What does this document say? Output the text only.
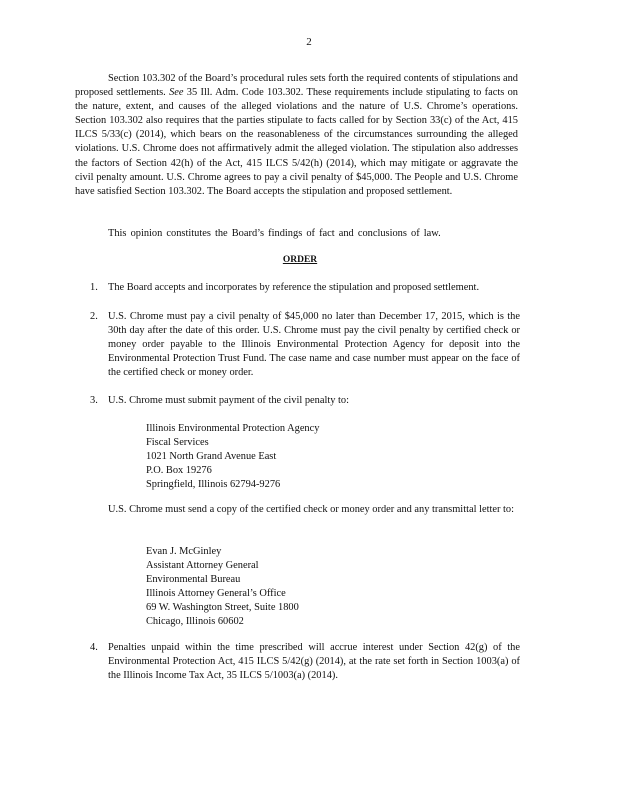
2

Section 103.302 of the Board’s procedural rules sets forth the required contents of stipulations and proposed settlements. See 35 Ill. Adm. Code 103.302. These requirements include stipulating to facts on the nature, extent, and causes of the alleged violations and the nature of U.S. Chrome’s operations. Section 103.302 also requires that the parties stipulate to facts called for by Section 33(c) of the Act, 415 ILCS 5/33(c) (2014), which bears on the reasonableness of the circumstances surrounding the alleged violations. U.S. Chrome does not affirmatively admit the alleged violation. The stipulation also addresses the factors of Section 42(h) of the Act, 415 ILCS 5/42(h) (2014), which may mitigate or aggravate the civil penalty amount. U.S. Chrome agrees to pay a civil penalty of $45,000. The People and U.S. Chrome have satisfied Section 103.302. The Board accepts the stipulation and proposed settlement.

This opinion constitutes the Board’s findings of fact and conclusions of law.

ORDER
1. The Board accepts and incorporates by reference the stipulation and proposed settlement.
2. U.S. Chrome must pay a civil penalty of $45,000 no later than December 17, 2015, which is the 30th day after the date of this order. U.S. Chrome must pay the civil penalty by certified check or money order payable to the Illinois Environmental Protection Agency for deposit into the Environmental Protection Trust Fund. The case name and case number must appear on the face of the certified check or money order.
3. U.S. Chrome must submit payment of the civil penalty to:
Illinois Environmental Protection Agency
Fiscal Services
1021 North Grand Avenue East
P.O. Box 19276
Springfield, Illinois 62794-9276

U.S. Chrome must send a copy of the certified check or money order and any transmittal letter to:

Evan J. McGinley
Assistant Attorney General
Environmental Bureau
Illinois Attorney General’s Office
69 W. Washington Street, Suite 1800
Chicago, Illinois 60602
4. Penalties unpaid within the time prescribed will accrue interest under Section 42(g) of the Environmental Protection Act, 415 ILCS 5/42(g) (2014), at the rate set forth in Section 1003(a) of the Illinois Income Tax Act, 35 ILCS 5/1003(a) (2014).
